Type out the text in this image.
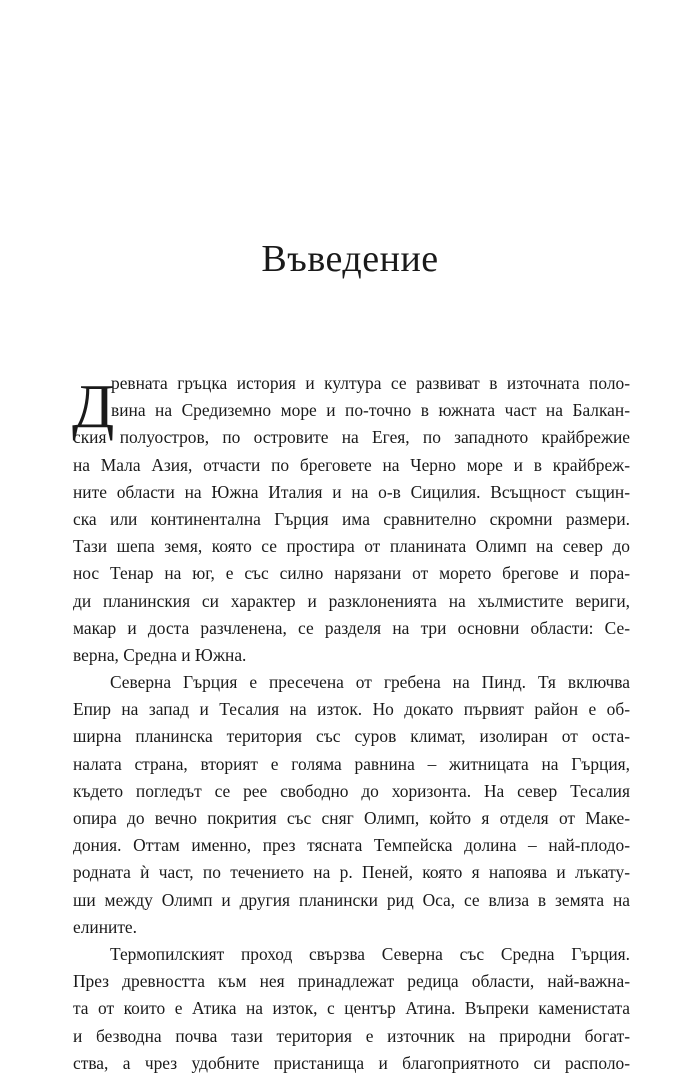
Въведение
Д
ревната гръцка история и култура се развиват в източната поло-
вина на Средиземно море и по-точно в южната част на Балкан-
ския полуостров, по островите на Егея, по западното крайбрежие
на Мала Азия, отчасти по бреговете на Черно море и в крайбреж-
ните области на Южна Италия и на о-в Сицилия. Всъщност същин-
ска или континентална Гърция има сравнително скромни размери.
Тази шепа земя, която се простира от планината Олимп на север до
нос Тенар на юг, е със силно нарязани от морето брегове и пора-
ди планинския си характер и разклоненията на хълмистите вериги,
макар и доста разчленена, се разделя на три основни области: Се-
верна, Средна и Южна.
Северна Гърция е пресечена от гребена на Пинд. Тя включва
Епир на запад и Тесалия на изток. Но докато първият район е об-
ширна планинска територия със суров климат, изолиран от оста-
налата страна, вторият е голяма равнина – житницата на Гърция,
където погледът се рее свободно до хоризонта. На север Тесалия
опира до вечно покрития със сняг Олимп, който я отделя от Маке-
дония. Оттам именно, през тясната Темпейска долина – най-плодо-
родната ѝ част, по течението на р. Пеней, която я напоява и лъкату-
ши между Олимп и другия планински рид Оса, се влиза в земята на
елините.
Термопилският проход свързва Северна със Средна Гърция.
През древността към нея принадлежат редица области, най-важна-
та от които е Атика на изток, с център Атина. Въпреки каменистата
и безводна почва тази територия е източник на природни богат-
ства, а чрез удобните пристанища и благоприятното си располо-
